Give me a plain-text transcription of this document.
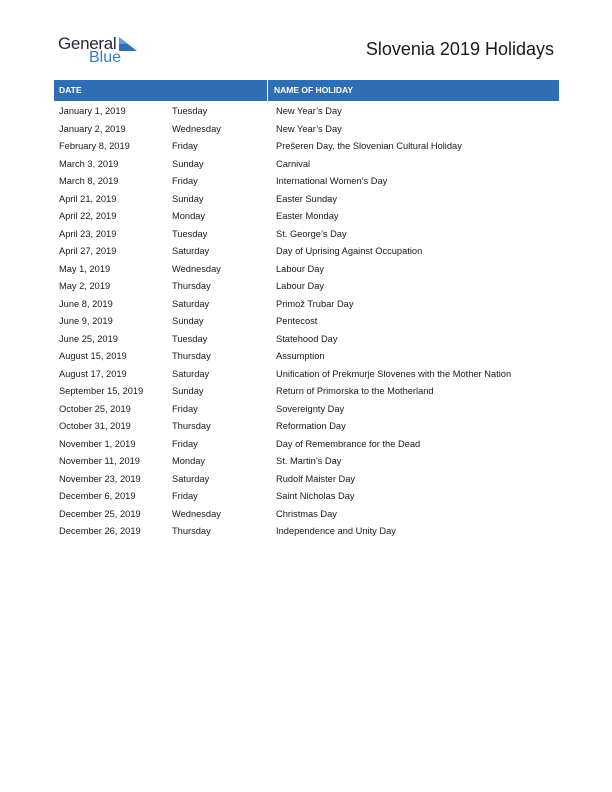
General
Blue	Slovenia 2019 Holidays
DATE	NAME OF HOLIDAY
January 1, 2019	Tuesday	New Year’s Day
January 2, 2019	Wednesday	New Year’s Day
February 8, 2019	Friday	Prešeren Day, the Slovenian Cultural Holiday
March 3, 2019	Sunday	Carnival
March 8, 2019	Friday	International Women’s Day
April 21, 2019	Sunday	Easter Sunday
April 22, 2019	Monday	Easter Monday
April 23, 2019	Tuesday	St. George’s Day
April 27, 2019	Saturday	Day of Uprising Against Occupation
May 1, 2019	Wednesday	Labour Day
May 2, 2019	Thursday	Labour Day
June 8, 2019	Saturday	Primož Trubar Day
June 9, 2019	Sunday	Pentecost
June 25, 2019	Tuesday	Statehood Day
August 15, 2019	Thursday	Assumption
August 17, 2019	Saturday	Unification of Prekmurje Slovenes with the Mother Nation
September 15, 2019	Sunday	Return of Primorska to the Motherland
October 25, 2019	Friday	Sovereignty Day
October 31, 2019	Thursday	Reformation Day
November 1, 2019	Friday	Day of Remembrance for the Dead
November 11, 2019	Monday	St. Martin’s Day
November 23, 2019	Saturday	Rudolf Maister Day
December 6, 2019	Friday	Saint Nicholas Day
December 25, 2019	Wednesday	Christmas Day
December 26, 2019	Thursday	Independence and Unity Day
